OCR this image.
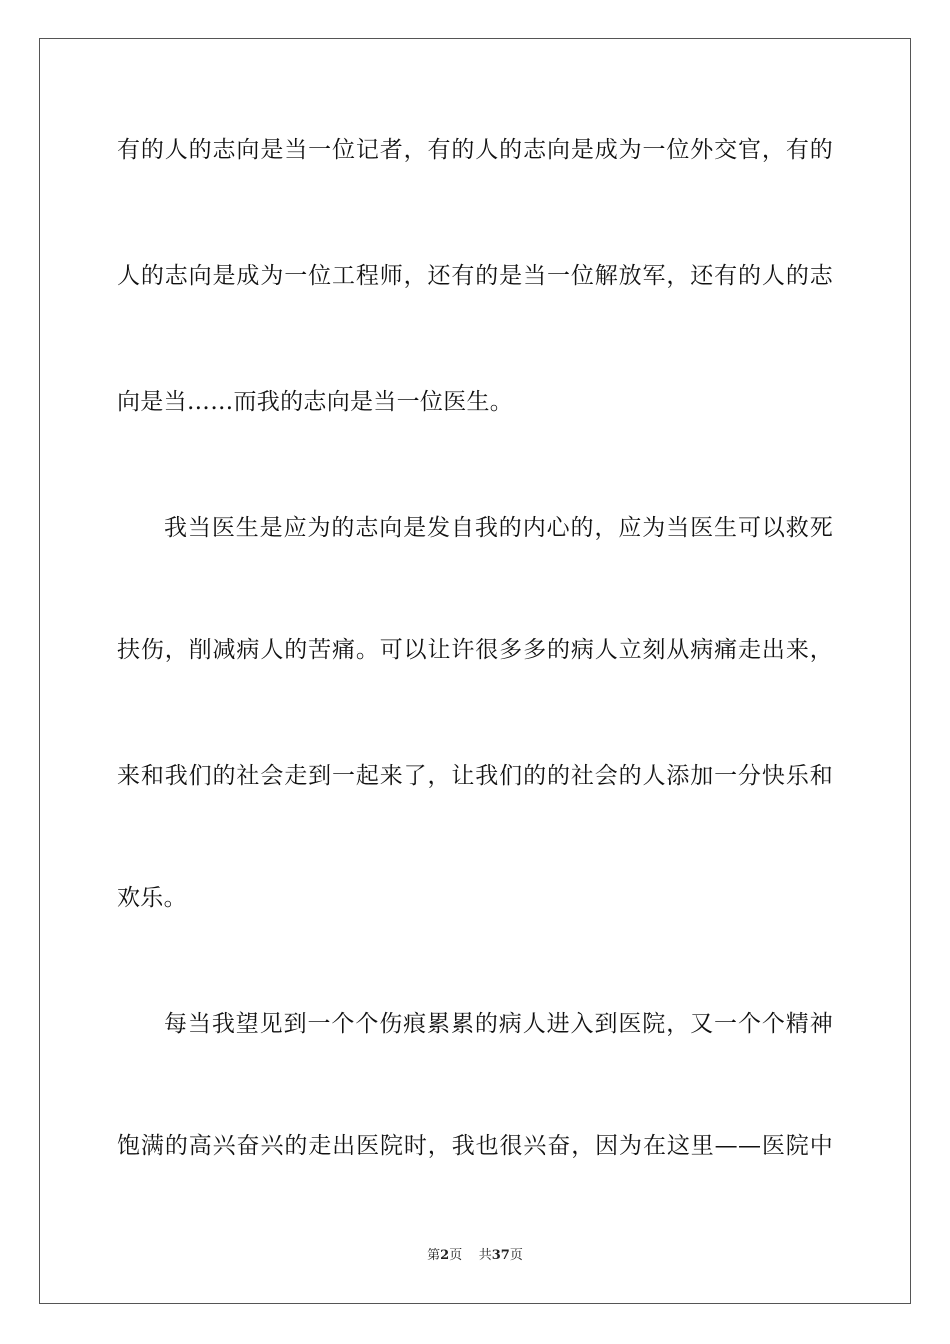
有的人的志向是当一位记者，有的人的志向是成为一位外交官，有的
人的志向是成为一位工程师，还有的是当一位解放军，还有的人的志
向是当……而我的志向是当一位医生。
我当医生是应为的志向是发自我的内心的，应为当医生可以救死
扶伤，削减病人的苦痛。可以让许很多多的病人立刻从病痛走出来，
来和我们的社会走到一起来了，让我们的的社会的人添加一分快乐和
欢乐。
每当我望见到一个个伤痕累累的病人进入到医院，又一个个精神
饱满的高兴奋兴的走出医院时，我也很兴奋，因为在这里——医院中
第2页 共37页
